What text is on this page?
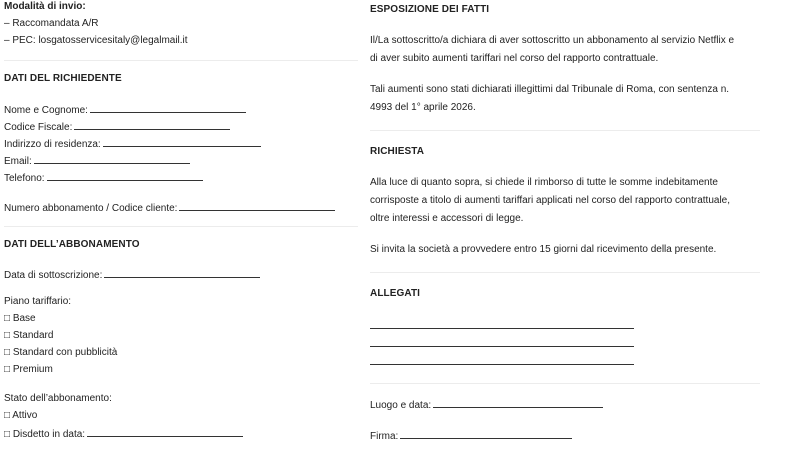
Modalità di invio:
– Raccomandata A/R
– PEC: losgatosservicesitaly@legalmail.it
DATI DEL RICHIEDENTE
Nome e Cognome:
Codice Fiscale:
Indirizzo di residenza:
Email:
Telefono:
Numero abbonamento / Codice cliente:
DATI DELL’ABBONAMENTO
Data di sottoscrizione:
Piano tariffario:
□ Base
□ Standard
□ Standard con pubblicità
□ Premium
Stato dell’abbonamento:
□ Attivo
□ Disdetto in data:
ESPOSIZIONE DEI FATTI
Il/La sottoscritto/a dichiara di aver sottoscritto un abbonamento al servizio Netflix e
di aver subito aumenti tariffari nel corso del rapporto contrattuale.
Tali aumenti sono stati dichiarati illegittimi dal Tribunale di Roma, con sentenza n.
4993 del 1° aprile 2026.
RICHIESTA
Alla luce di quanto sopra, si chiede il rimborso di tutte le somme indebitamente
corrisposte a titolo di aumenti tariffari applicati nel corso del rapporto contrattuale,
oltre interessi e accessori di legge.
Si invita la società a provvedere entro 15 giorni dal ricevimento della presente.
ALLEGATI
Luogo e data:
Firma:
